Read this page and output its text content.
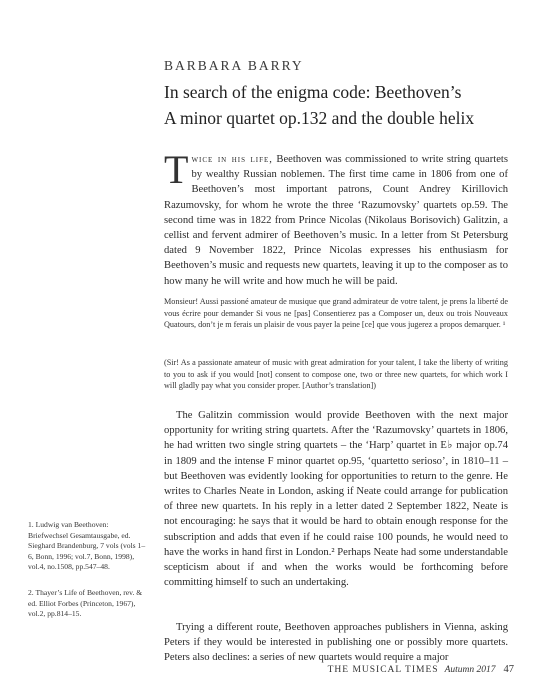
BARBARA BARRY
In search of the enigma code: Beethoven’s
A minor quartet op.132 and the double helix
Twice in his life, Beethoven was commissioned to write string quartets by wealthy Russian noblemen. The first time came in 1806 from one of Beethoven’s most important patrons, Count Andrey Kirillovich Razumovsky, for whom he wrote the three ‘Razumovsky’ quartets op.59. The second time was in 1822 from Prince Nicolas (Nikolaus Borisovich) Galitzin, a cellist and fervent admirer of Beethoven’s music. In a letter from St Petersburg dated 9 November 1822, Prince Nicolas expresses his enthusiasm for Beethoven’s music and requests new quartets, leaving it up to the composer as to how many he will write and how much he will be paid.
Monsieur! Aussi passioné amateur de musique que grand admirateur de votre talent, je prens la liberté de vous écrire pour demander Si vous ne [pas] Consentierez pas a Composer un, deux ou trois Nouveaux Quatours, don’t je m ferais un plaisir de vous payer la peine [ce] que vous jugerez a propos demarquer. ¹
(Sir! As a passionate amateur of music with great admiration for your talent, I take the liberty of writing to you to ask if you would [not] consent to compose one, two or three new quartets, for which work I will gladly pay what you consider proper. [Author’s translation])
The Galitzin commission would provide Beethoven with the next major opportunity for writing string quartets. After the ‘Razumovsky’ quartets in 1806, he had written two single string quartets – the ‘Harp’ quartet in E♭ major op.74 in 1809 and the intense F minor quartet op.95, ‘quartetto serioso’, in 1810–11 – but Beethoven was evidently looking for opportunities to return to the genre. He writes to Charles Neate in London, asking if Neate could arrange for publication of three new quartets. In his reply in a letter dated 2 September 1822, Neate is not encouraging: he says that it would be hard to obtain enough response for the subscription and adds that even if he could raise 100 pounds, he would need to have the works in hand first in London.² Perhaps Neate had some understandable scepticism about if and when the works would be forthcoming before committing himself to such an undertaking.
Trying a different route, Beethoven approaches publishers in Vienna, asking Peters if they would be interested in publishing one or possibly more quartets. Peters also declines: a series of new quartets would require a major
1. Ludwig van Beethoven: Briefwechsel Gesamtausgabe, ed. Sieghard Brandenburg, 7 vols (vols 1–6, Bonn, 1996; vol.7, Bonn, 1998), vol.4, no.1508, pp.547–48.
2. Thayer’s Life of Beethoven, rev. & ed. Elliot Forbes (Princeton, 1967), vol.2, pp.814–15.
THE MUSICAL TIMES Autumn 2017 47
